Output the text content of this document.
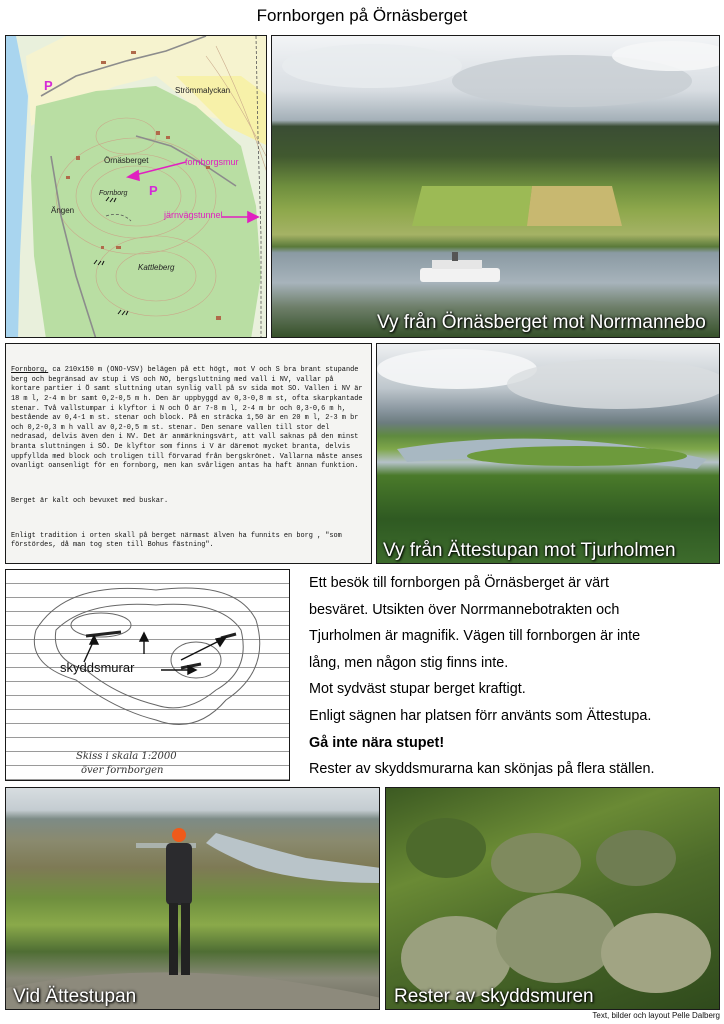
Fornborgen på Örnäsberget
P
P
Strömmalyckan
Örnäsberget
Fornborg
Ängen
Kattleberg
fornborgsmur
järnvägstunnel
Vy från Örnäsberget mot Norrmannebo

Fornborg, ca 210x150 m (ONO-VSV) belägen på ett högt, mot V och S bra brant stupande berg och begränsad av stup i VS och NO, bergsluttning med vall i NV, vallar på kortare partier i Ö samt sluttning utan synlig vall på sv sida mot SO. Vallen i NV är 18 m l, 2-4 m br samt 0,2-0,5 m h. Den är uppbyggd av 0,3-0,8 m st, ofta skarpkantade stenar. Två vallstumpar i klyftor i N och Ö är 7-8 m l, 2-4 m br och 0,3-0,6 m h, bestående av 0,4-1 m st. stenar och block. På en sträcka 1,50 är en 20 m l, 2-3 m br och 0,2-0,3 m h vall av 0,2-0,5 m st. stenar. Den senare vallen till stor del nedrasad, delvis även den i NV. Det är anmärkningsvärt, att vall saknas på den minst branta sluttningen i SÖ. De klyftor som finns i V är däremot mycket branta, delvis uppfyllda med block och troligen till förvarad från bergskrönet. Vallarna måste anses ovanligt oansenligt för en fornborg, men kan svårligen antas ha haft ännan funktion.

Berget är kalt och bevuxet med buskar.

Enligt tradition i orten skall på berget närmast älven ha funnits en borg , "som förstördes, då man tog sten till Bohus fästning".

	Vy från Ättestupan mot Tjurholmen
skyddsmurar
Skiss i skala 1:2000
över fornborgen
Ett besök till fornborgen på Örnäsberget är värt
besväret. Utsikten över Norrmannebotrakten och
Tjurholmen är magnifik. Vägen till fornborgen är inte
lång, men någon stig finns inte.
Mot sydväst stupar berget kraftigt.
Enligt sägnen har platsen förr använts som Ättestupa.
Gå inte nära stupet!
Rester av skyddsmurarna kan skönjas på flera ställen.
Vid Ättestupan	Rester av skyddsmuren
Text, bilder och layout Pelle Dalberg
